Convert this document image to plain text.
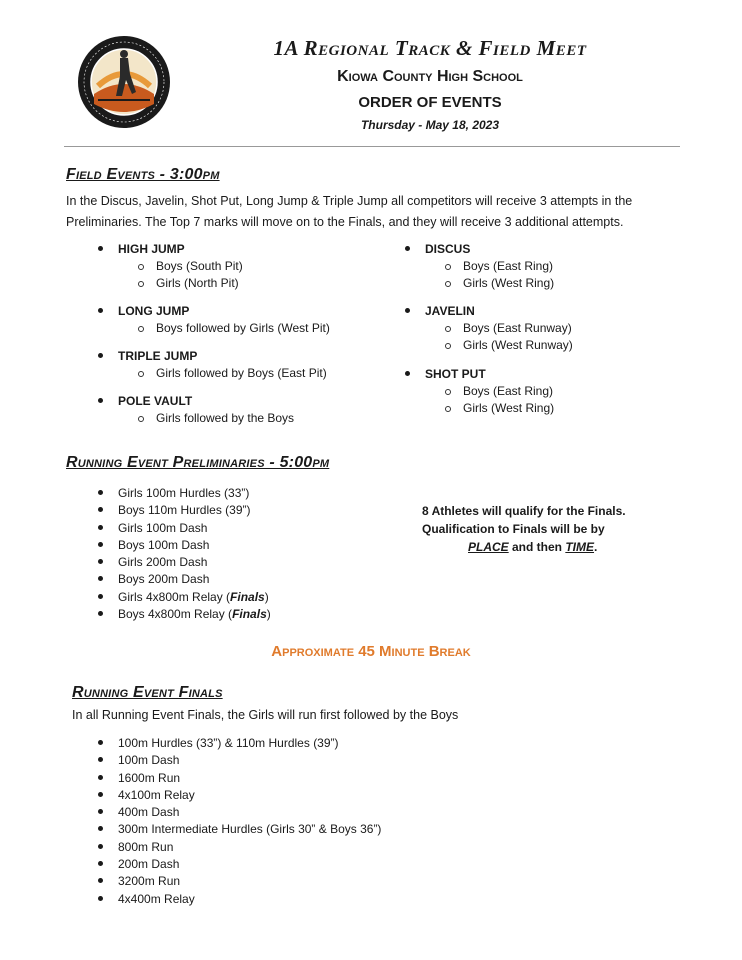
1A Regional Track & Field Meet
Kiowa County High School
ORDER OF EVENTS
Thursday - May 18, 2023
Field Events - 3:00pm
In the Discus, Javelin, Shot Put, Long Jump & Triple Jump all competitors will receive 3 attempts in the Preliminaries. The Top 7 marks will move on to the Finals, and they will receive 3 additional attempts.
HIGH JUMP
Boys (South Pit)
Girls (North Pit)
LONG JUMP
Boys followed by Girls (West Pit)
TRIPLE JUMP
Girls followed by Boys (East Pit)
POLE VAULT
Girls followed by the Boys
DISCUS
Boys (East Ring)
Girls (West Ring)
JAVELIN
Boys (East Runway)
Girls (West Runway)
SHOT PUT
Boys (East Ring)
Girls (West Ring)
Running Event Preliminaries - 5:00pm
Girls 100m Hurdles (33”)
Boys 110m Hurdles (39”)
Girls 100m Dash
Boys 100m Dash
Girls 200m Dash
Boys 200m Dash
Girls 4x800m Relay (Finals)
Boys 4x800m Relay (Finals)
8 Athletes will qualify for the Finals.
Qualification to Finals will be by
PLACE and then TIME.
Approximate 45 Minute Break
Running Event Finals
In all Running Event Finals, the Girls will run first followed by the Boys
100m Hurdles (33”) & 110m Hurdles (39”)
100m Dash
1600m Run
4x100m Relay
400m Dash
300m Intermediate Hurdles (Girls 30” & Boys 36”)
800m Run
200m Dash
3200m Run
4x400m Relay
